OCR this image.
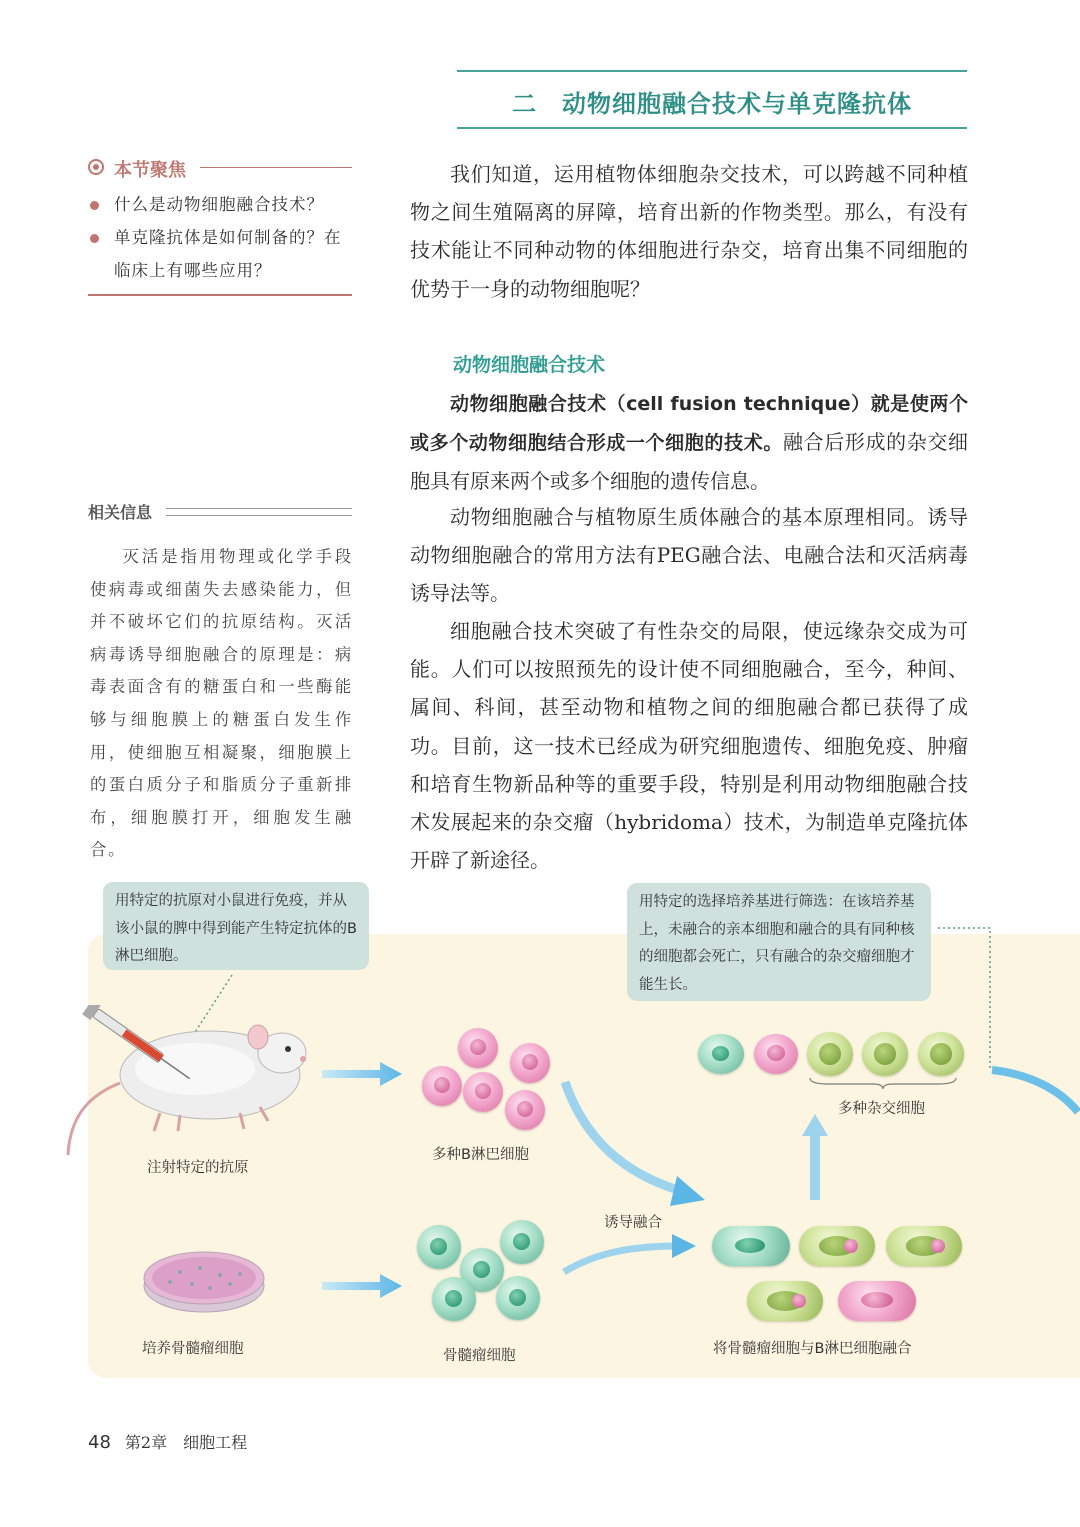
二　动物细胞融合技术与单克隆抗体
本节聚焦
什么是动物细胞融合技术？
单克隆抗体是如何制备的？在
临床上有哪些应用？
相关信息

灭活是指用物理或化学手段使病毒或细菌失去感染能力，但并不破坏它们的抗原结构。灭活病毒诱导细胞融合的原理是：病毒表面含有的糖蛋白和一些酶能够与细胞膜上的糖蛋白发生作用，使细胞互相凝聚，细胞膜上的蛋白质分子和脂质分子重新排布，细胞膜打开，细胞发生融合。

我们知道，运用植物体细胞杂交技术，可以跨越不同种植物之间生殖隔离的屏障，培育出新的作物类型。那么，有没有技术能让不同种动物的体细胞进行杂交，培育出集不同细胞的优势于一身的动物细胞呢？

动物细胞融合技术

动物细胞融合技术（cell fusion technique）就是使两个或多个动物细胞结合形成一个细胞的技术。融合后形成的杂交细胞具有原来两个或多个细胞的遗传信息。

动物细胞融合与植物原生质体融合的基本原理相同。诱导动物细胞融合的常用方法有PEG融合法、电融合法和灭活病毒诱导法等。

细胞融合技术突破了有性杂交的局限，使远缘杂交成为可能。人们可以按照预先的设计使不同细胞融合，至今，种间、属间、科间，甚至动物和植物之间的细胞融合都已获得了成功。目前，这一技术已经成为研究细胞遗传、细胞免疫、肿瘤和培育生物新品种等的重要手段，特别是利用动物细胞融合技术发展起来的杂交瘤（hybridoma）技术，为制造单克隆抗体开辟了新途径。

用特定的抗原对小鼠进行免疫，并从该小鼠的脾中得到能产生特定抗体的B淋巴细胞。
用特定的选择培养基进行筛选：在该培养基上，未融合的亲本细胞和融合的具有同种核的细胞都会死亡，只有融合的杂交瘤细胞才能生长。
注射特定的抗原
多种B淋巴细胞
多种杂交细胞
诱导融合
培养骨髓瘤细胞	骨髓瘤细胞	将骨髓瘤细胞与B淋巴细胞融合
48 第2章　细胞工程
